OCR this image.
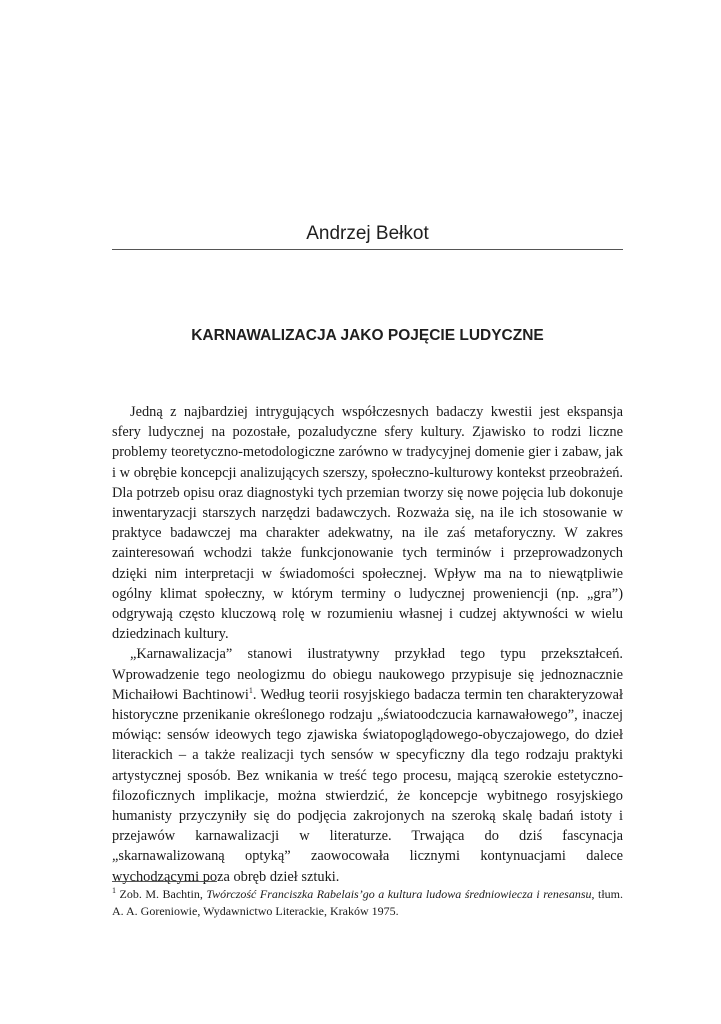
Andrzej Bełkot
KARNAWALIZACJA JAKO POJĘCIE LUDYCZNE

Jedną z najbardziej intrygujących współczesnych badaczy kwestii jest ekspansja sfery ludycznej na pozostałe, pozaludyczne sfery kultury. Zjawisko to rodzi liczne problemy teoretyczno-metodologiczne zarówno w tradycyjnej domenie gier i zabaw, jak i w obrębie koncepcji analizujących szerszy, społeczno-kulturowy kontekst przeobrażeń. Dla potrzeb opisu oraz diagnostyki tych przemian tworzy się nowe pojęcia lub dokonuje inwentaryzacji starszych narzędzi badawczych. Rozważa się, na ile ich stosowanie w praktyce badawczej ma charakter adekwatny, na ile zaś metaforyczny. W zakres zainteresowań wchodzi także funkcjonowanie tych terminów i przeprowadzonych dzięki nim interpretacji w świadomości społecznej. Wpływ ma na to niewątpliwie ogólny klimat społeczny, w którym terminy o ludycznej proweniencji (np. „gra”) odgrywają często kluczową rolę w rozumieniu własnej i cudzej aktywności w wielu dziedzinach kultury.

„Karnawalizacja” stanowi ilustratywny przykład tego typu przekształceń. Wprowadzenie tego neologizmu do obiegu naukowego przypisuje się jednoznacznie Michaiłowi Bachtinowi$^1$. Według teorii rosyjskiego badacza termin ten charakteryzował historyczne przenikanie określonego rodzaju „światoodczucia karnawałowego”, inaczej mówiąc: sensów ideowych tego zjawiska światopoglądowego-obyczajowego, do dzieł literackich – a także realizacji tych sensów w specyficzny dla tego rodzaju praktyki artystycznej sposób. Bez wnikania w treść tego procesu, mającą szerokie estetyczno-filozoficznych implikacje, można stwierdzić, że koncepcje wybitnego rosyjskiego humanisty przyczyniły się do podjęcia zakrojonych na szeroką skalę badań istoty i przejawów karnawalizacji w literaturze. Trwająca do dziś fascynacja „skarnawalizowaną optyką” zaowocowała licznymi kontynuacjami dalece wychodzącymi poza obręb dzieł sztuki.

$^1$ Zob. M. Bachtin, Twórczość Franciszka Rabelais’go a kultura ludowa średniowiecza i renesansu, tłum. A. A. Goreniowie, Wydawnictwo Literackie, Kraków 1975.
